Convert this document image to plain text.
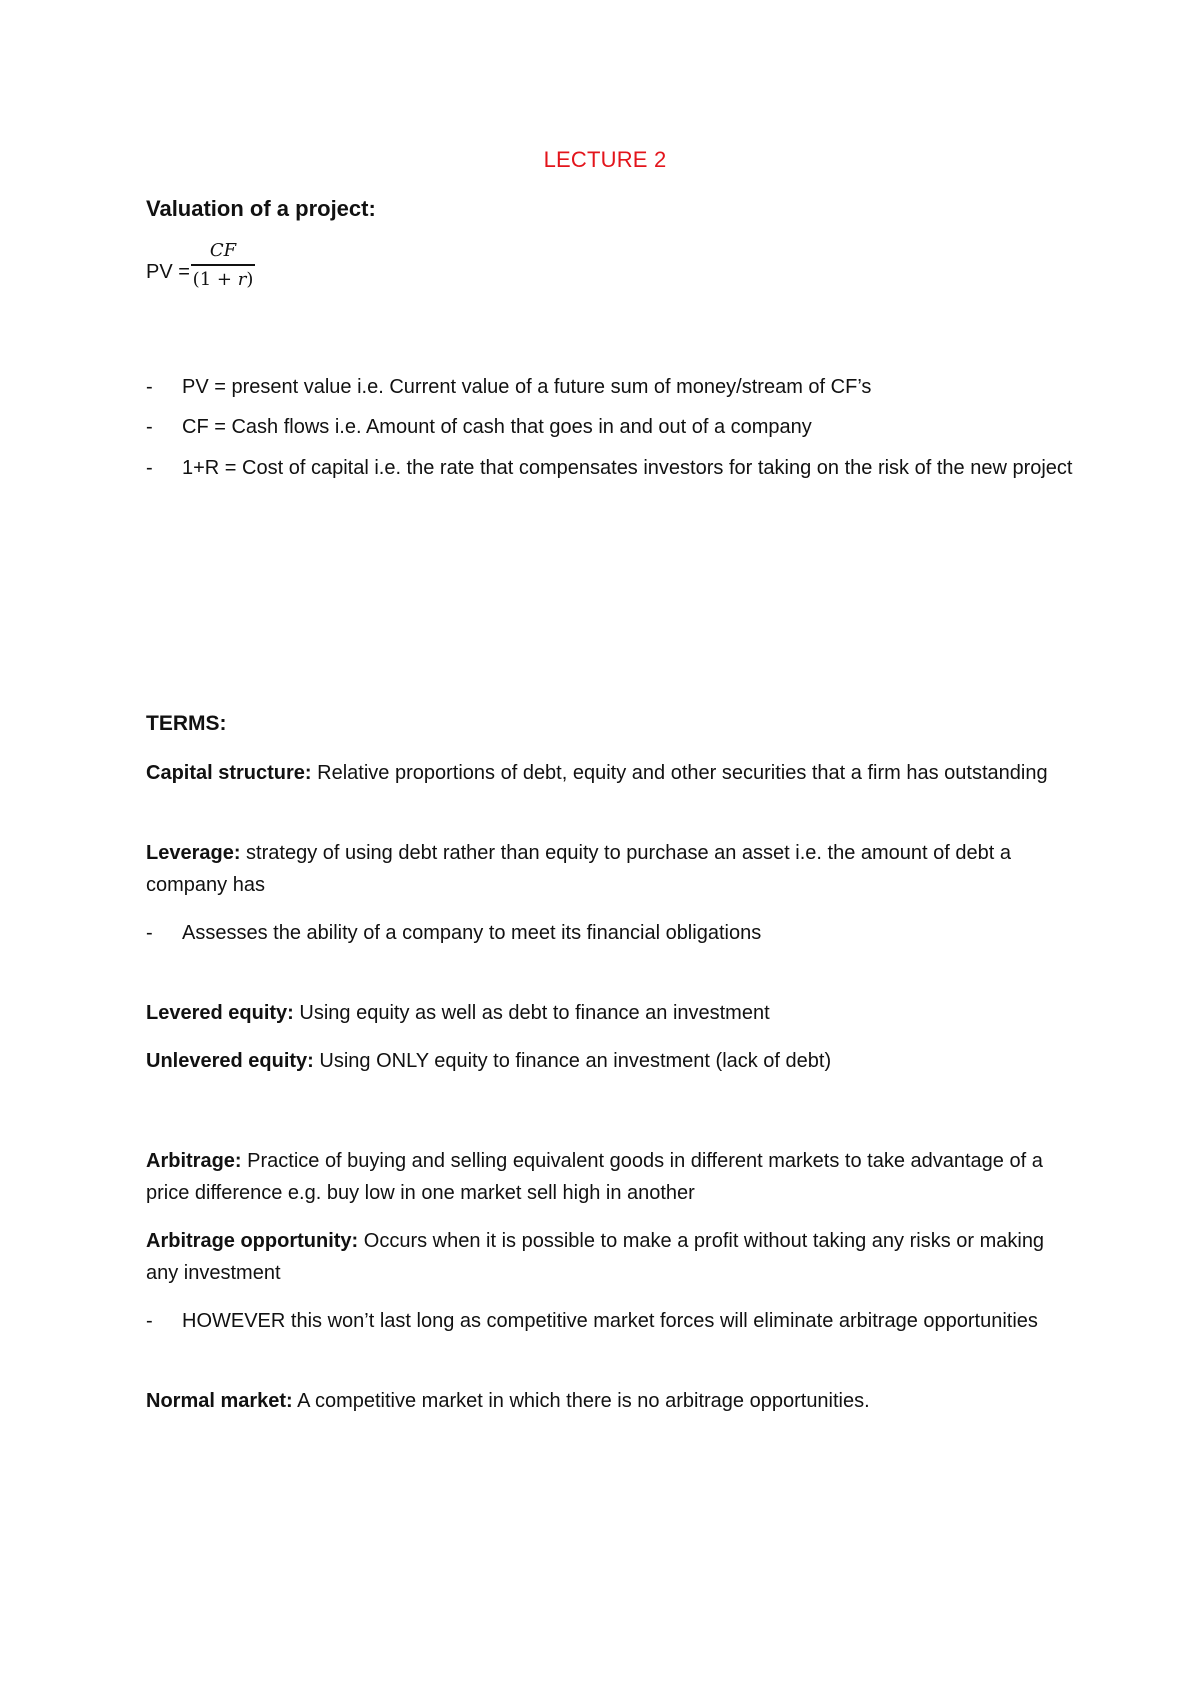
LECTURE 2
Valuation of a project:
PV =
CF
(1 + r)
- PV = present value i.e. Current value of a future sum of money/stream of CF’s
- CF = Cash flows i.e. Amount of cash that goes in and out of a company
- 1+R = Cost of capital i.e. the rate that compensates investors for taking on the risk of the new project
TERMS:
Capital structure: Relative proportions of debt, equity and other securities that a firm has outstanding
Leverage: strategy of using debt rather than equity to purchase an asset i.e. the amount of debt a company has
- Assesses the ability of a company to meet its financial obligations
Levered equity: Using equity as well as debt to finance an investment
Unlevered equity: Using ONLY equity to finance an investment (lack of debt)
Arbitrage: Practice of buying and selling equivalent goods in different markets to take advantage of a price difference e.g. buy low in one market sell high in another
Arbitrage opportunity: Occurs when it is possible to make a profit without taking any risks or making any investment
- HOWEVER this won’t last long as competitive market forces will eliminate arbitrage opportunities
Normal market: A competitive market in which there is no arbitrage opportunities.
